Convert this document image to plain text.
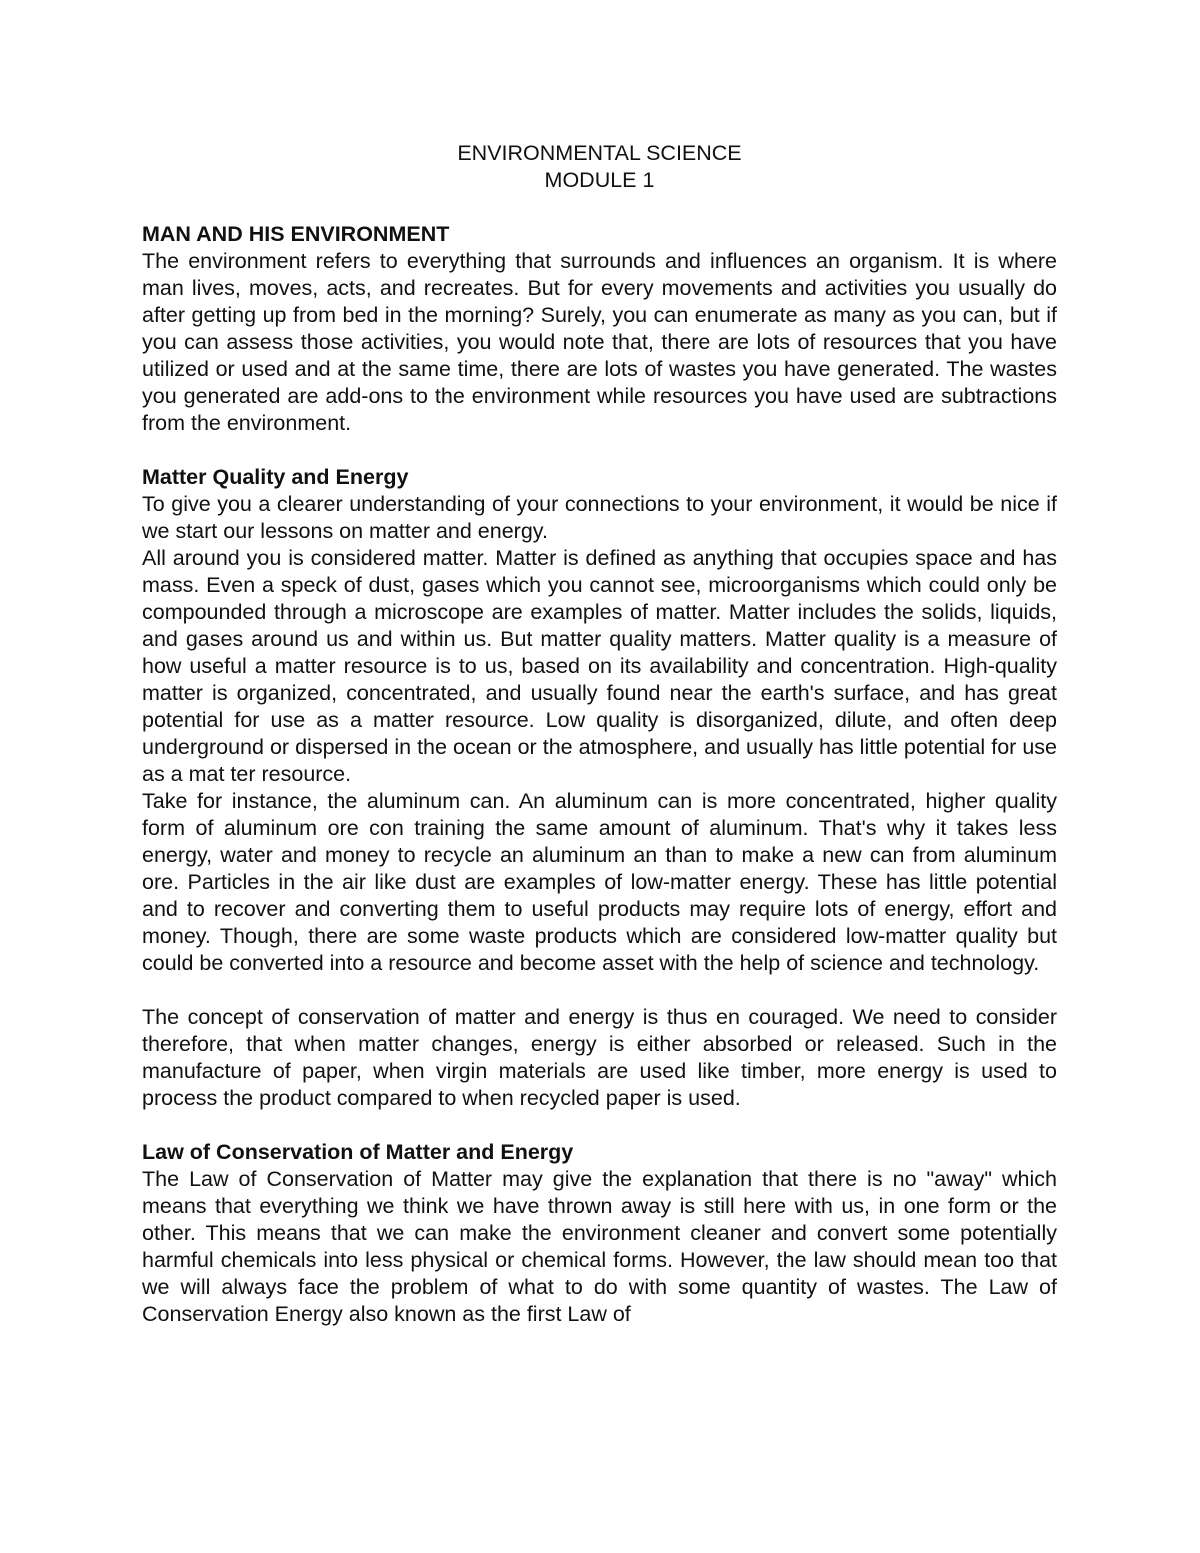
ENVIRONMENTAL SCIENCE
MODULE 1

MAN AND HIS ENVIRONMENT

The environment refers to everything that surrounds and influences an organism. It is where man lives, moves, acts, and recreates. But for every movements and activities you usually do after getting up from bed in the morning? Surely, you can enumerate as many as you can, but if you can assess those activities, you would note that, there are lots of resources that you have utilized or used and at the same time, there are lots of wastes you have generated. The wastes you generated are add-ons to the environment while resources you have used are subtractions from the environment.

Matter Quality and Energy

To give you a clearer understanding of your connections to your environment, it would be nice if we start our lessons on matter and energy.

All around you is considered matter. Matter is defined as anything that occupies space and has mass. Even a speck of dust, gases which you cannot see, microorganisms which could only be compounded through a microscope are examples of matter. Matter includes the solids, liquids, and gases around us and within us. But matter quality matters. Matter quality is a measure of how useful a matter resource is to us, based on its availability and concentration. High-quality matter is organized, concentrated, and usually found near the earth's surface, and has great potential for use as a matter resource. Low quality is disorganized, dilute, and often deep underground or dispersed in the ocean or the atmosphere, and usually has little potential for use as a mat ter resource.

Take for instance, the aluminum can. An aluminum can is more concentrated, higher quality form of aluminum ore con training the same amount of aluminum. That's why it takes less energy, water and money to recycle an aluminum an than to make a new can from aluminum ore. Particles in the air like dust are examples of low-matter energy. These has little potential and to recover and converting them to useful products may require lots of energy, effort and money. Though, there are some waste products which are considered low-matter quality but could be converted into a resource and become asset with the help of science and technology.

The concept of conservation of matter and energy is thus en couraged. We need to consider therefore, that when matter changes, energy is either absorbed or released. Such in the manufacture of paper, when virgin materials are used like timber, more energy is used to process the product compared to when recycled paper is used.

Law of Conservation of Matter and Energy

The Law of Conservation of Matter may give the explanation that there is no "away" which means that everything we think we have thrown away is still here with us, in one form or the other. This means that we can make the environment cleaner and convert some potentially harmful chemicals into less physical or chemical forms. However, the law should mean too that we will always face the problem of what to do with some quantity of wastes. The Law of Conservation Energy also known as the first Law of
